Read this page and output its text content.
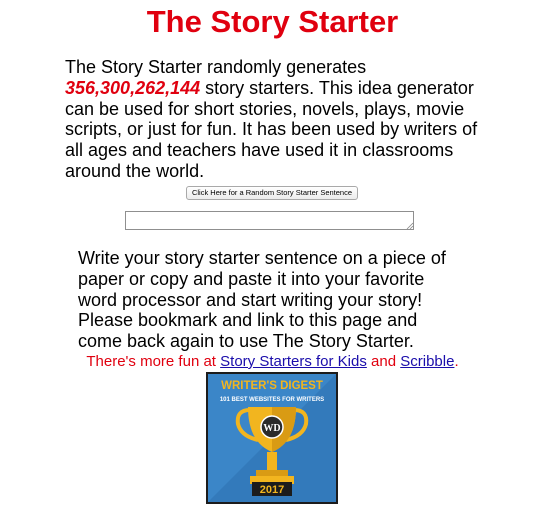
The Story Starter
The Story Starter randomly generates 356,300,262,144 story starters. This idea generator can be used for short stories, novels, plays, movie scripts, or just for fun. It has been used by writers of all ages and teachers have used it in classrooms around the world.
Click Here for a Random Story Starter Sentence
Write your story starter sentence on a piece of paper or copy and paste it into your favorite word processor and start writing your story! Please bookmark and link to this page and come back again to use The Story Starter.
There's more fun at Story Starters for Kids and Scribble.
WRITER'S DIGEST
101 BEST WEBSITES FOR WRITERS
WD
2017
